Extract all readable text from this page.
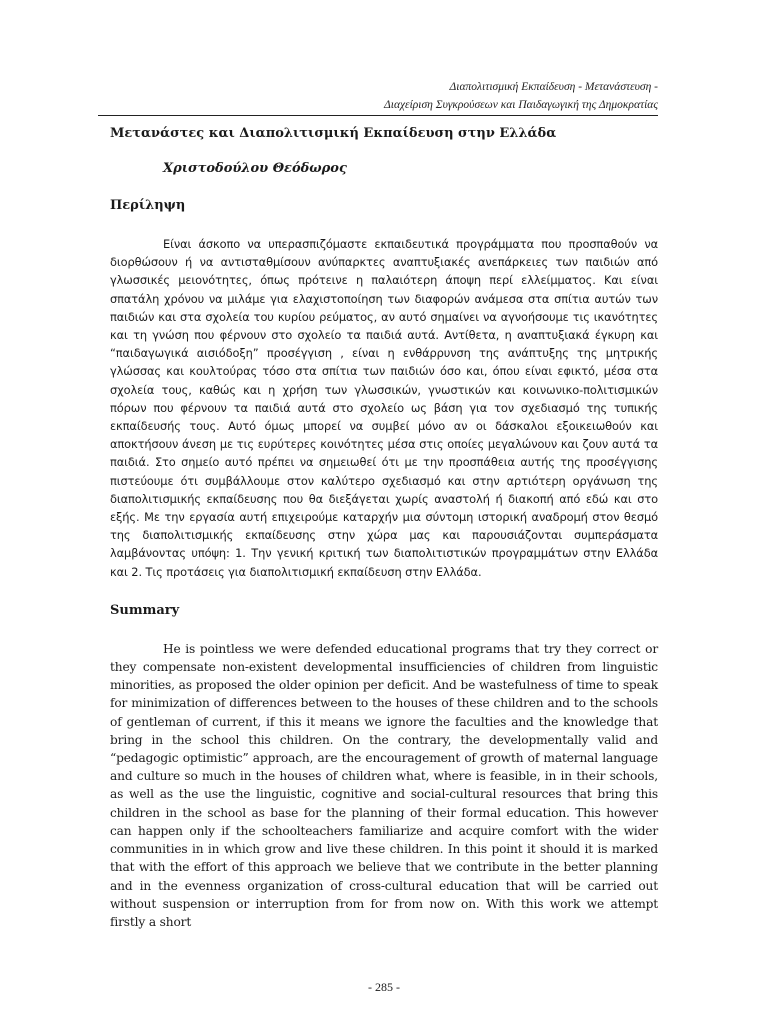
Διαπολιτισμική Εκπαίδευση - Μετανάστευση -
Διαχείριση Συγκρούσεων και Παιδαγωγική της Δημοκρατίας
Μετανάστες και Διαπολιτισμική Εκπαίδευση στην Ελλάδα
Χριστοδούλου Θεόδωρος
Περίληψη

Είναι άσκοπο να υπερασπιζόμαστε εκπαιδευτικά προγράμματα που προσπαθούν να διορθώσουν ή να αντισταθμίσουν ανύπαρκτες αναπτυξιακές ανεπάρκειες των παιδιών από γλωσσικές μειονότητες, όπως πρότεινε η παλαιότερη άποψη περί ελλείμματος. Και είναι σπατάλη χρόνου να μιλάμε για ελαχιστοποίηση των διαφορών ανάμεσα στα σπίτια αυτών των παιδιών και στα σχολεία του κυρίου ρεύματος, αν αυτό σημαίνει να αγνοήσουμε τις ικανότητες και τη γνώση που φέρνουν στο σχολείο τα παιδιά αυτά. Αντίθετα, η αναπτυξιακά έγκυρη και “παιδαγωγικά αισιόδοξη” προσέγγιση , είναι η ενθάρρυνση της ανάπτυξης της μητρικής γλώσσας και κουλτούρας τόσο στα σπίτια των παιδιών όσο και, όπου είναι εφικτό, μέσα στα σχολεία τους, καθώς και η χρήση των γλωσσικών, γνωστικών και κοινωνικο-πολιτισμικών πόρων που φέρνουν τα παιδιά αυτά στο σχολείο ως βάση για τον σχεδιασμό της τυπικής εκπαίδευσής τους. Αυτό όμως μπορεί να συμβεί μόνο αν οι δάσκαλοι εξοικειωθούν και αποκτήσουν άνεση με τις ευρύτερες κοινότητες μέσα στις οποίες μεγαλώνουν και ζουν αυτά τα παιδιά. Στο σημείο αυτό πρέπει να σημειωθεί ότι με την προσπάθεια αυτής της προσέγγισης πιστεύουμε ότι συμβάλλουμε στον καλύτερο σχεδιασμό και στην αρτιότερη οργάνωση της διαπολιτισμικής εκπαίδευσης που θα διεξάγεται χωρίς αναστολή ή διακοπή από εδώ και στο εξής. Με την εργασία αυτή επιχειρούμε καταρχήν μια σύντομη ιστορική αναδρομή στον θεσμό της διαπολιτισμικής εκπαίδευσης στην χώρα μας και παρουσιάζονται συμπεράσματα λαμβάνοντας υπόψη: 1. Την γενική κριτική των διαπολιτιστικών προγραμμάτων στην Ελλάδα και 2. Τις προτάσεις για διαπολιτισμική εκπαίδευση στην Ελλάδα.

Summary

He is pointless we were defended educational programs that try they correct or they compensate non-existent developmental insufficiencies of children from linguistic minorities, as proposed the older opinion per deficit. And be wastefulness of time to speak for minimization of differences between to the houses of these children and to the schools of gentleman of current, if this it means we ignore the faculties and the knowledge that bring in the school this children. On the contrary, the developmentally valid and “pedagogic optimistic” approach, are the encouragement of growth of maternal language and culture so much in the houses of children what, where is feasible, in in their schools, as well as the use the linguistic, cognitive and social-cultural resources that bring this children in the school as base for the planning of their formal education. This however can happen only if the schoolteachers familiarize and acquire comfort with the wider communities in in which grow and live these children. In this point it should it is marked that with the effort of this approach we believe that we contribute in the better planning and in the evenness organization of cross-cultural education that will be carried out without suspension or interruption from for from now on. With this work we attempt firstly a short

- 285 -
